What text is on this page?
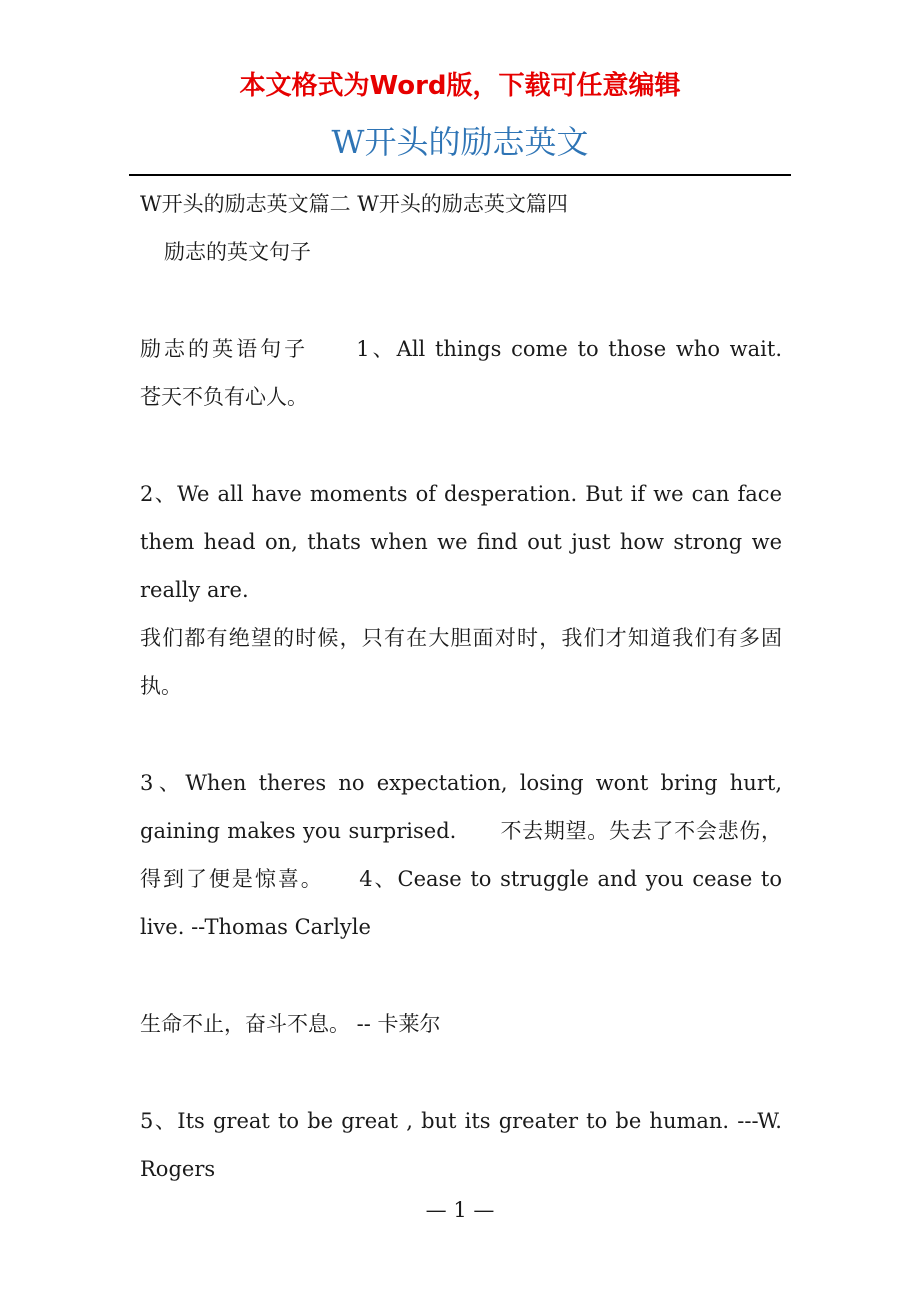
本文格式为Word版，下载可任意编辑
W开头的励志英文

W开头的励志英文篇二 W开头的励志英文篇四

励志的英文句子

励志的英语句子　　1、All things come to those who wait.　　苍天不负有心人。

2、We all have moments of desperation. But if we can face them head on, thats when we find out just how strong we really are.

我们都有绝望的时候，只有在大胆面对时，我们才知道我们有多固执。

3、When theres no expectation, losing wont bring hurt, gaining makes you surprised.　　不去期望。失去了不会悲伤，得到了便是惊喜。　　4、Cease to struggle and you cease to live. --Thomas Carlyle

生命不止，奋斗不息。 -- 卡莱尔

5、Its great to be great , but its greater to be human. ---W. Rogers

— 1 —
